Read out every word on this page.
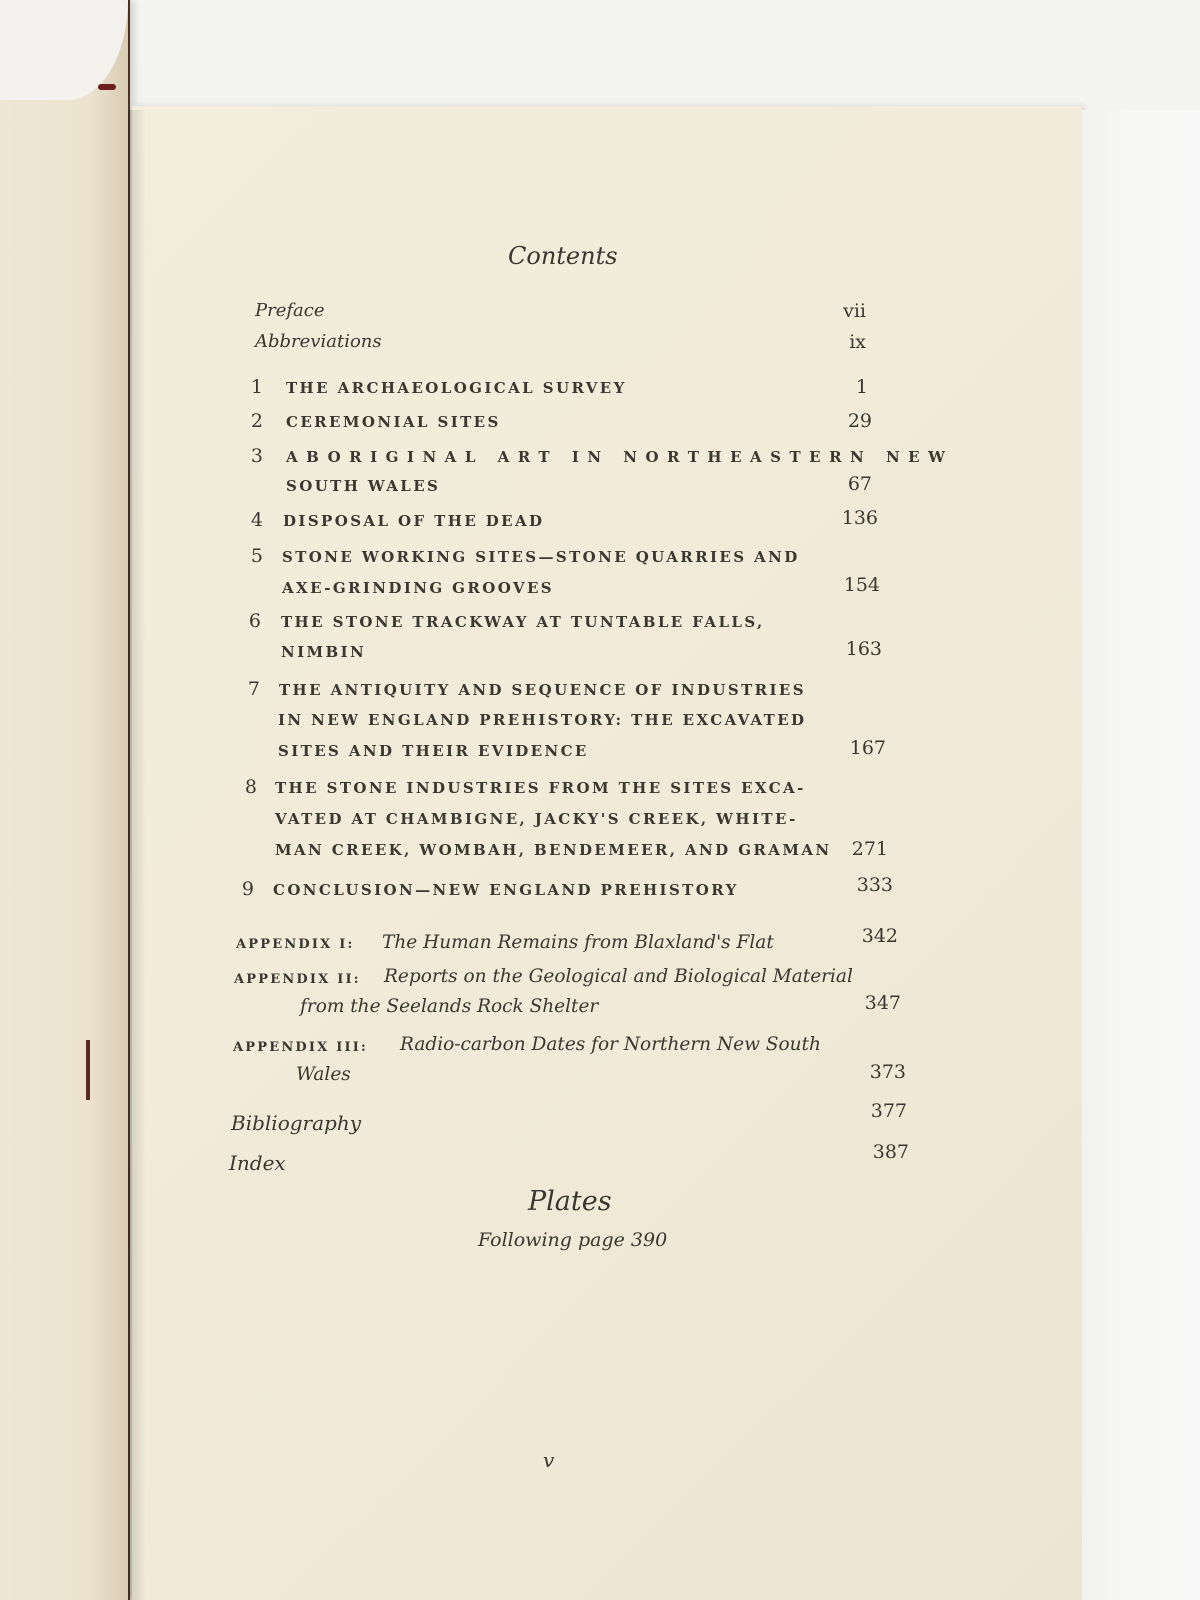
Contents
Preface	vii
Abbreviations	ix
1 THE ARCHAEOLOGICAL SURVEY	1
2 CEREMONIAL SITES	29
3 ABORIGINAL ART IN NORTHEASTERN NEW
SOUTH WALES	67
4 DISPOSAL OF THE DEAD	136
5 STONE WORKING SITES—STONE QUARRIES AND
AXE-GRINDING GROOVES	154
6 THE STONE TRACKWAY AT TUNTABLE FALLS,
NIMBIN	163
7 THE ANTIQUITY AND SEQUENCE OF INDUSTRIES
IN NEW ENGLAND PREHISTORY: THE EXCAVATED
SITES AND THEIR EVIDENCE	167
8 THE STONE INDUSTRIES FROM THE SITES EXCA-
VATED AT CHAMBIGNE, JACKY'S CREEK, WHITE-
MAN CREEK, WOMBAH, BENDEMEER, AND GRAMAN	271
9 CONCLUSION—NEW ENGLAND PREHISTORY	333
APPENDIX I: The Human Remains from Blaxland's Flat	342
APPENDIX II: Reports on the Geological and Biological Material
from the Seelands Rock Shelter	347
APPENDIX III: Radio-carbon Dates for Northern New South
Wales	373
Bibliography	377
Index	387
Plates
Following page 390
v
